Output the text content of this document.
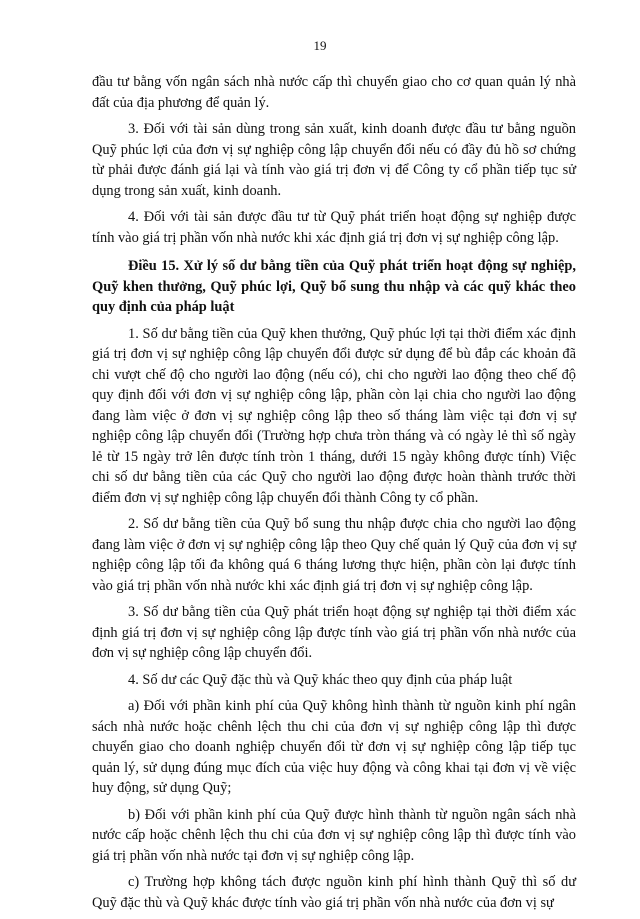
19

đầu tư bằng vốn ngân sách nhà nước cấp thì chuyển giao cho cơ quan quản lý nhà đất của địa phương để quản lý.

3. Đối với tài sản dùng trong sản xuất, kinh doanh được đầu tư bằng nguồn Quỹ phúc lợi của đơn vị sự nghiệp công lập chuyển đổi nếu có đầy đủ hồ sơ chứng từ phải được đánh giá lại và tính vào giá trị đơn vị để Công ty cổ phần tiếp tục sử dụng trong sản xuất, kinh doanh.

4. Đối với tài sản được đầu tư từ Quỹ phát triển hoạt động sự nghiệp được tính vào giá trị phần vốn nhà nước khi xác định giá trị đơn vị sự nghiệp công lập.

Điều 15. Xử lý số dư bằng tiền của Quỹ phát triển hoạt động sự nghiệp, Quỹ khen thưởng, Quỹ phúc lợi, Quỹ bổ sung thu nhập và các quỹ khác theo quy định của pháp luật

1. Số dư bằng tiền của Quỹ khen thưởng, Quỹ phúc lợi tại thời điểm xác định giá trị đơn vị sự nghiệp công lập chuyển đổi được sử dụng để bù đắp các khoản đã chi vượt chế độ cho người lao động (nếu có), chi cho người lao động theo chế độ quy định đối với đơn vị sự nghiệp công lập, phần còn lại chia cho người lao động đang làm việc ở đơn vị sự nghiệp công lập theo số tháng làm việc tại đơn vị sự nghiệp công lập chuyển đổi (Trường hợp chưa tròn tháng và có ngày lẻ thì số ngày lẻ từ 15 ngày trở lên được tính tròn 1 tháng, dưới 15 ngày không được tính) Việc chi số dư bằng tiền của các Quỹ cho người lao động được hoàn thành trước thời điểm đơn vị sự nghiệp công lập chuyển đổi thành Công ty cổ phần.

2. Số dư bằng tiền của Quỹ bổ sung thu nhập được chia cho người lao động đang làm việc ở đơn vị sự nghiệp công lập theo Quy chế quản lý Quỹ của đơn vị sự nghiệp công lập tối đa không quá 6 tháng lương thực hiện, phần còn lại được tính vào giá trị phần vốn nhà nước khi xác định giá trị đơn vị sự nghiệp công lập.

3. Số dư bằng tiền của Quỹ phát triển hoạt động sự nghiệp tại thời điểm xác định giá trị đơn vị sự nghiệp công lập được tính vào giá trị phần vốn nhà nước của đơn vị sự nghiệp công lập chuyển đổi.

4. Số dư các Quỹ đặc thù và Quỹ khác theo quy định của pháp luật

a) Đối với phần kinh phí của Quỹ không hình thành từ nguồn kinh phí ngân sách nhà nước hoặc chênh lệch thu chi của đơn vị sự nghiệp công lập thì được chuyển giao cho doanh nghiệp chuyển đổi từ đơn vị sự nghiệp công lập tiếp tục quản lý, sử dụng đúng mục đích của việc huy động và công khai tại đơn vị về việc huy động, sử dụng Quỹ;

b) Đối với phần kinh phí của Quỹ được hình thành từ nguồn ngân sách nhà nước cấp hoặc chênh lệch thu chi của đơn vị sự nghiệp công lập thì được tính vào giá trị phần vốn nhà nước tại đơn vị sự nghiệp công lập.

c) Trường hợp không tách được nguồn kinh phí hình thành Quỹ thì số dư Quỹ đặc thù và Quỹ khác được tính vào giá trị phần vốn nhà nước của đơn vị sự
